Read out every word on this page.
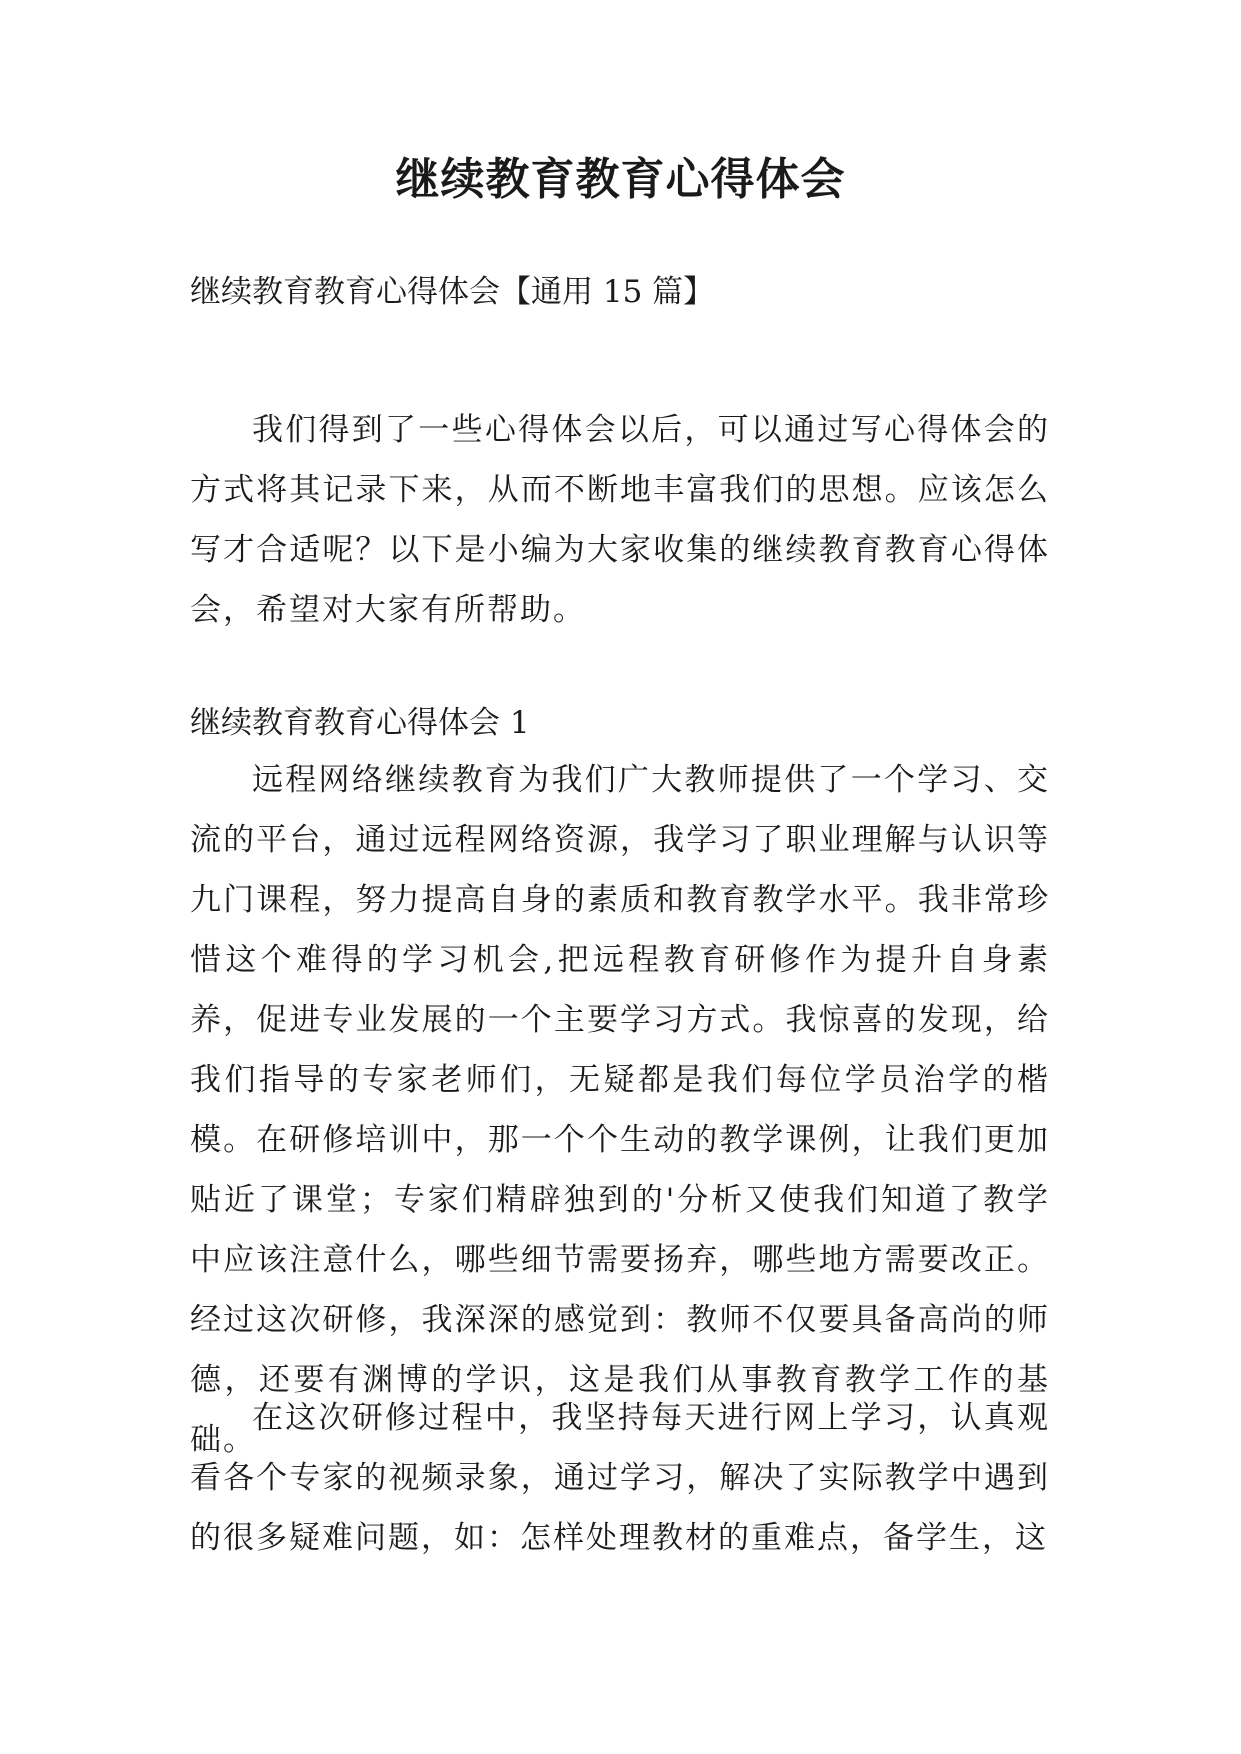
继续教育教育心得体会

继续教育教育心得体会【通用 15 篇】

我们得到了一些心得体会以后，可以通过写心得体会的方式将其记录下来，从而不断地丰富我们的思想。应该怎么写才合适呢？以下是小编为大家收集的继续教育教育心得体会，希望对大家有所帮助。

继续教育教育心得体会 1

远程网络继续教育为我们广大教师提供了一个学习、交流的平台，通过远程网络资源，我学习了职业理解与认识等九门课程，努力提高自身的素质和教育教学水平。我非常珍惜这个难得的学习机会,把远程教育研修作为提升自身素养，促进专业发展的一个主要学习方式。我惊喜的发现，给我们指导的专家老师们，无疑都是我们每位学员治学的楷模。在研修培训中，那一个个生动的教学课例，让我们更加贴近了课堂；专家们精辟独到的'分析又使我们知道了教学中应该注意什么，哪些细节需要扬弃，哪些地方需要改正。经过这次研修，我深深的感觉到：教师不仅要具备高尚的师德，还要有渊博的学识，这是我们从事教育教学工作的基础。

在这次研修过程中，我坚持每天进行网上学习，认真观看各个专家的视频录象，通过学习，解决了实际教学中遇到的很多疑难问题，如：怎样处理教材的重难点，备学生，这
